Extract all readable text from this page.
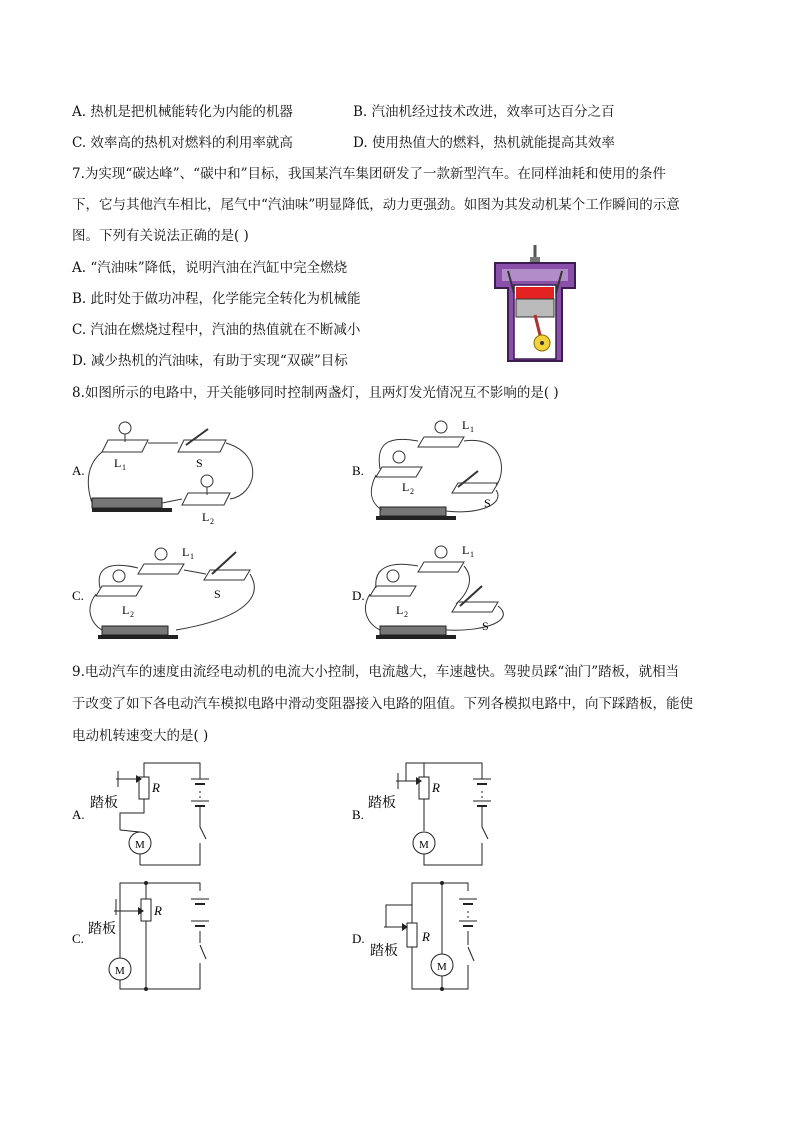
A. 热机是把机械能转化为内能的机器	B. 汽油机经过技术改进，效率可达百分之百
C. 效率高的热机对燃料的利用率就高	D. 使用热值大的燃料，热机就能提高其效率
7.为实现“碳达峰”、“碳中和”目标，我国某汽车集团研发了一款新型汽车。在同样油耗和使用的条件
下，它与其他汽车相比，尾气中“汽油味”明显降低，动力更强劲。如图为其发动机某个工作瞬间的示意
图。下列有关说法正确的是( )
A. “汽油味”降低，说明汽油在汽缸中完全燃烧
B. 此时处于做功冲程，化学能完全转化为机械能
C. 汽油在燃烧过程中，汽油的热值就在不断减小
D. 减少热机的汽油味，有助于实现“双碳”目标
8.如图所示的电路中，开关能够同时控制两盏灯，且两灯发光情况互不影响的是( )
A. L 1	S
L 2
B.
L 1
L 2
S
C.
L 1
L 2
S	D.
L 1
L 2
S
9.电动汽车的速度由流经电动机的电流大小控制，电流越大，车速越快。驾驶员踩“油门”踏板，就相当
于改变了如下各电动汽车模拟电路中滑动变阻器接入电路的阻值。下列各模拟电路中，向下踩踏板，能使
电动机转速变大的是( )
A.
R
踏板
M
B.
R
踏板
M
C.
R
踏板
M
D.	R
踏板
M
